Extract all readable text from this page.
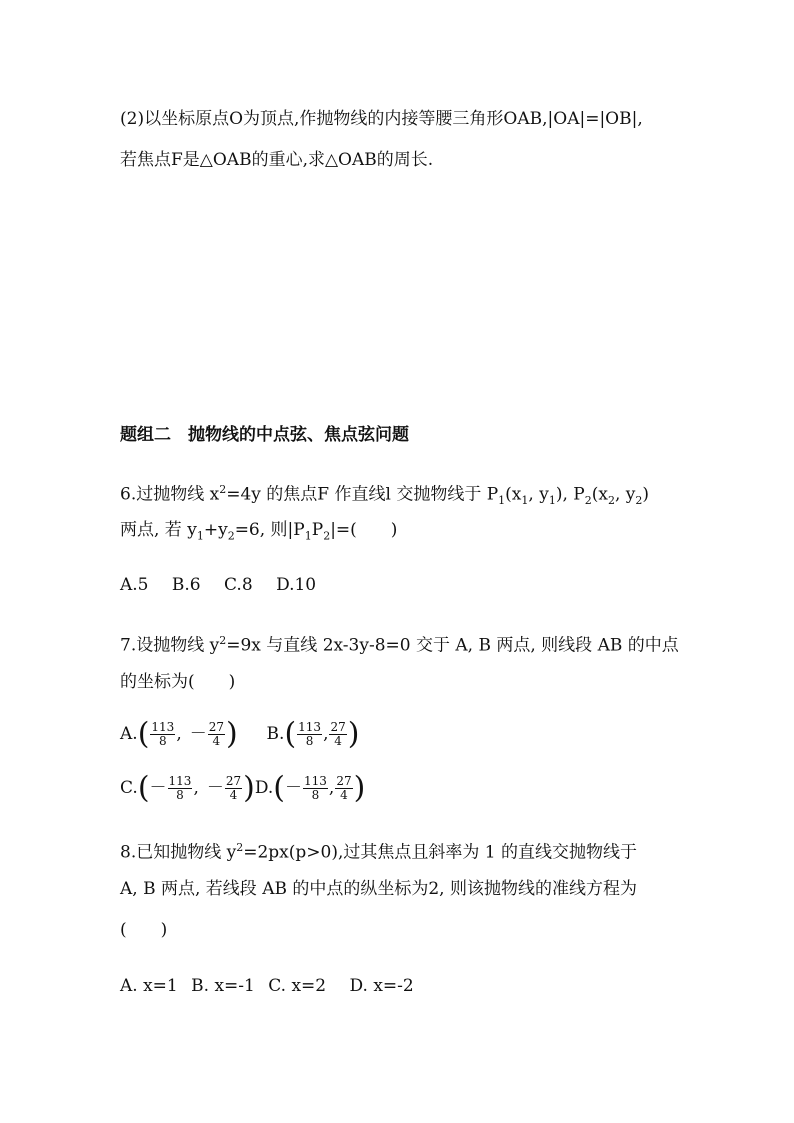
(2)以坐标原点O为顶点,作抛物线的内接等腰三角形OAB,|OA|=|OB|,
若焦点F是△OAB的重心,求△OAB的周长.
题组二　抛物线的中点弦、焦点弦问题
6.过抛物线 $x^2=4y$ 的焦点F 作直线l 交抛物线于 $P_1(x_1$, $y_1$), $P_2(x_2$, $y_2$)
两点, 若 $y_1+y_2=6$, 则$|P_1P_2|=$(　　)
A.5 B.6 C.8 D.10
7.设抛物线 $y^2=9x$ 与直线 2x-3y-8=0 交于 A, B 两点, 则线段 AB 的中点
的坐标为(　　)
$A.( \frac{113}{8}$ , － $\frac{27}{4}$ ) $B.( \frac{113}{8}$ , $\frac{27}{4}$ )
$C.(- \frac{113}{8}$ , － $\frac{27}{4} )D.(- \frac{113}{8}$ , $\frac{27}{4}$ )
8.已知抛物线 $y^2=2px(p>0)$,过其焦点且斜率为 1 的直线交抛物线于
A, B 两点, 若线段 AB 的中点的纵坐标为2, 则该抛物线的准线方程为
(　　)
A. x=1 B. x=-1 C. x=2 D. x=-2
